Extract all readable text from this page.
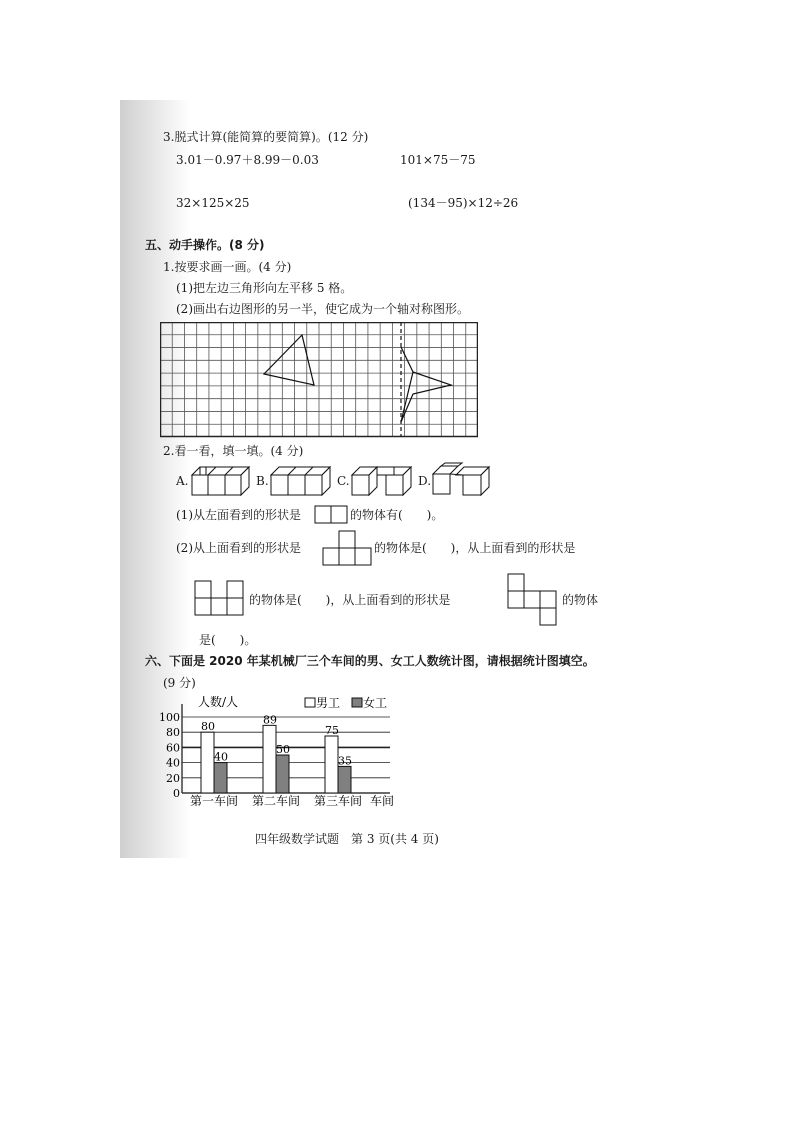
3.脱式计算(能简算的要简算)。(12 分)
3.01－0.97＋8.99－0.03	101×75－75
32×125×25	(134－95)×12÷26
五、动手操作。(8 分)
1.按要求画一画。(4 分)
(1)把左边三角形向左平移 5 格。
(2)画出右边图形的另一半，使它成为一个轴对称图形。
2.看一看，填一填。(4 分)
A.	B.	C.	D.
(1)从左面看到的形状是	的物体有(　　)。
(2)从上面看到的形状是	的物体是(　　)，从上面看到的形状是
的物体是(　　)，从上面看到的形状是	的物体
是(　　)。
六、下面是 2020 年某机械厂三个车间的男、女工人数统计图，请根据统计图填空。
(9 分)
0
20
40
60
80
100
80
40
第一车间
89
50
第二车间
75
35
第三车间
人数/人
车间
男工 女工
四年级数学试题　第 3 页(共 4 页)
